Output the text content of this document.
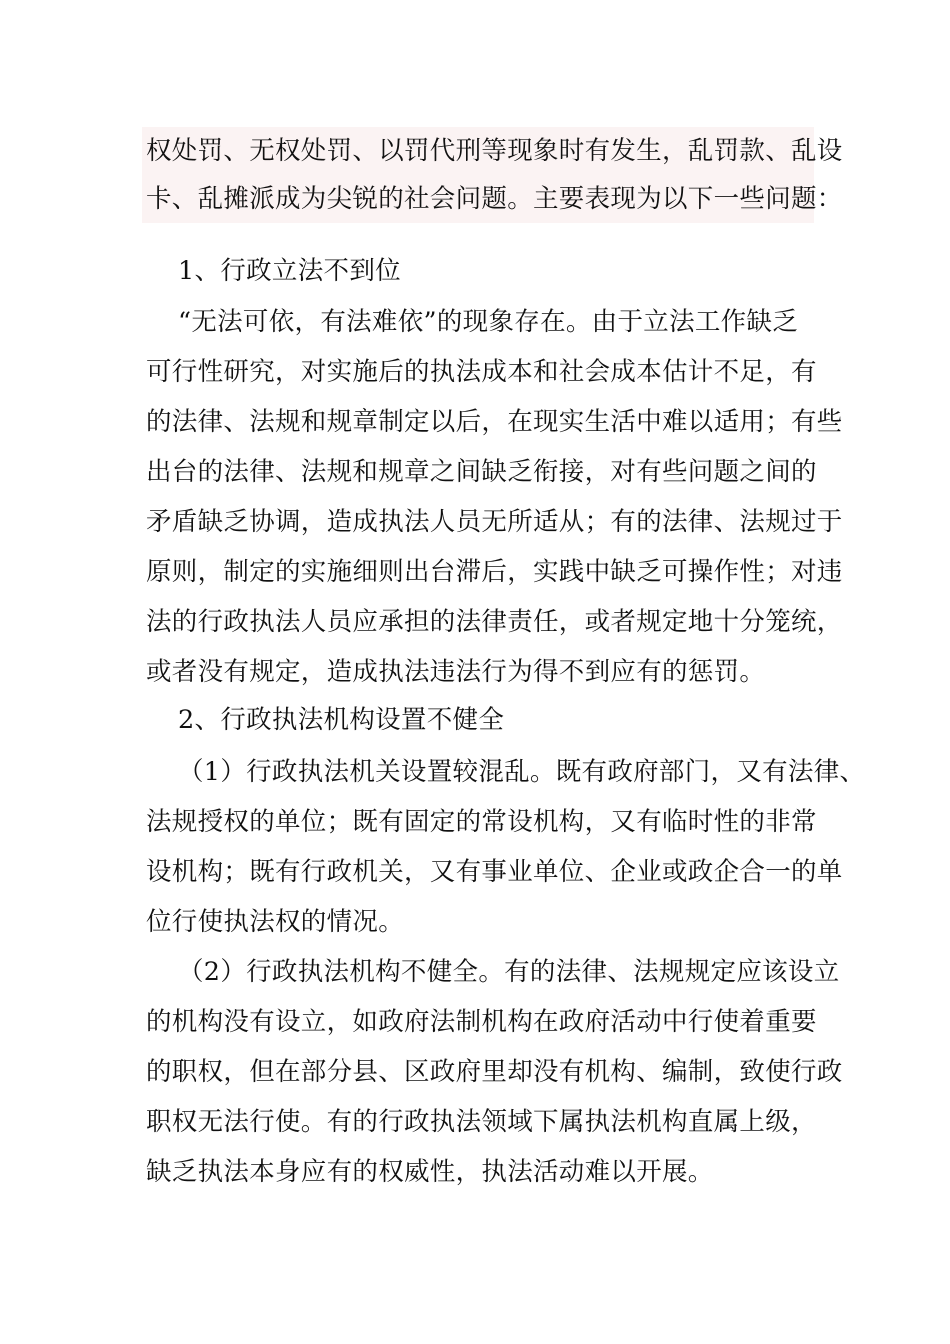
权处罚、无权处罚、以罚代刑等现象时有发生，乱罚款、乱设
卡、乱摊派成为尖锐的社会问题。主要表现为以下一些问题：
1、行政立法不到位
“无法可依，有法难依”的现象存在。由于立法工作缺乏
可行性研究，对实施后的执法成本和社会成本估计不足，有
的法律、法规和规章制定以后，在现实生活中难以适用；有些
出台的法律、法规和规章之间缺乏衔接，对有些问题之间的
矛盾缺乏协调，造成执法人员无所适从；有的法律、法规过于
原则，制定的实施细则出台滞后，实践中缺乏可操作性；对违
法的行政执法人员应承担的法律责任，或者规定地十分笼统，
或者没有规定，造成执法违法行为得不到应有的惩罚。
2、行政执法机构设置不健全
（1）行政执法机关设置较混乱。既有政府部门，又有法律、
法规授权的单位；既有固定的常设机构，又有临时性的非常
设机构；既有行政机关，又有事业单位、企业或政企合一的单
位行使执法权的情况。
（2）行政执法机构不健全。有的法律、法规规定应该设立
的机构没有设立，如政府法制机构在政府活动中行使着重要
的职权，但在部分县、区政府里却没有机构、编制，致使行政
职权无法行使。有的行政执法领域下属执法机构直属上级，
缺乏执法本身应有的权威性，执法活动难以开展。
